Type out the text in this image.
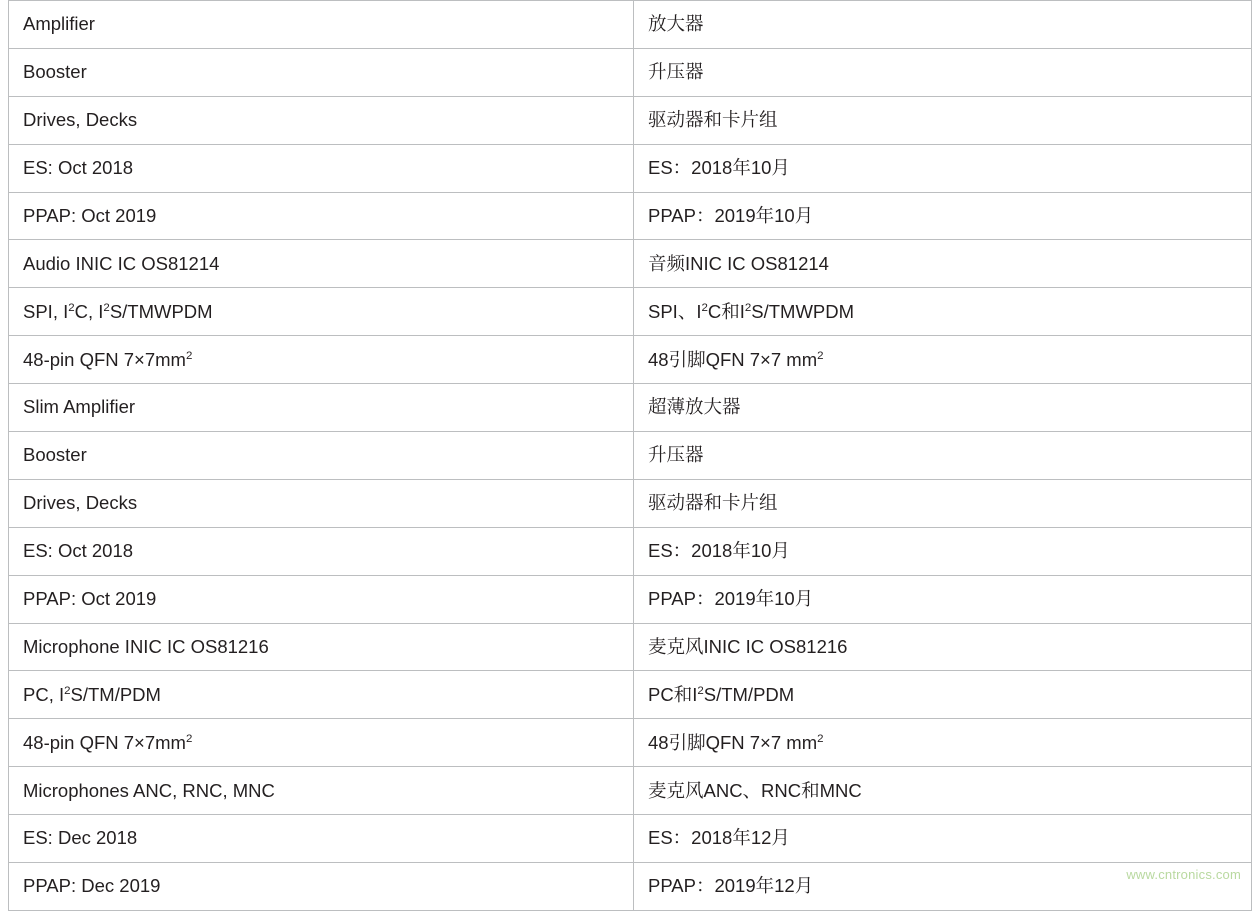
Amplifier	放大器
Booster	升压器
Drives, Decks	驱动器和卡片组
ES: Oct 2018	ES：2018年10月
PPAP: Oct 2019	PPAP：2019年10月
Audio INIC IC OS81214	音频INIC IC OS81214
SPI, $I^2C$, $I^2S$/TMWPDM	SPI、$I^2C$和$I^2S$/TMWPDM
48-pin QFN $7\times 7mm^2$	48引脚QFN 7×7 $mm^2$
Slim Amplifier	超薄放大器
Booster	升压器
Drives, Decks	驱动器和卡片组
ES: Oct 2018	ES：2018年10月
PPAP: Oct 2019	PPAP：2019年10月
Microphone INIC IC OS81216	麦克风INIC IC OS81216
PC, $I^2S/TM$/PDM	PC和$I^2S/TM$/PDM
48-pin QFN $7\times 7mm^2$	48引脚QFN 7×7 $mm^2$
Microphones ANC, RNC, MNC	麦克风ANC、RNC和MNC
ES: Dec 2018	ES：2018年12月
PPAP: Dec 2019	PPAP：2019年12月
www.cntronics.com
